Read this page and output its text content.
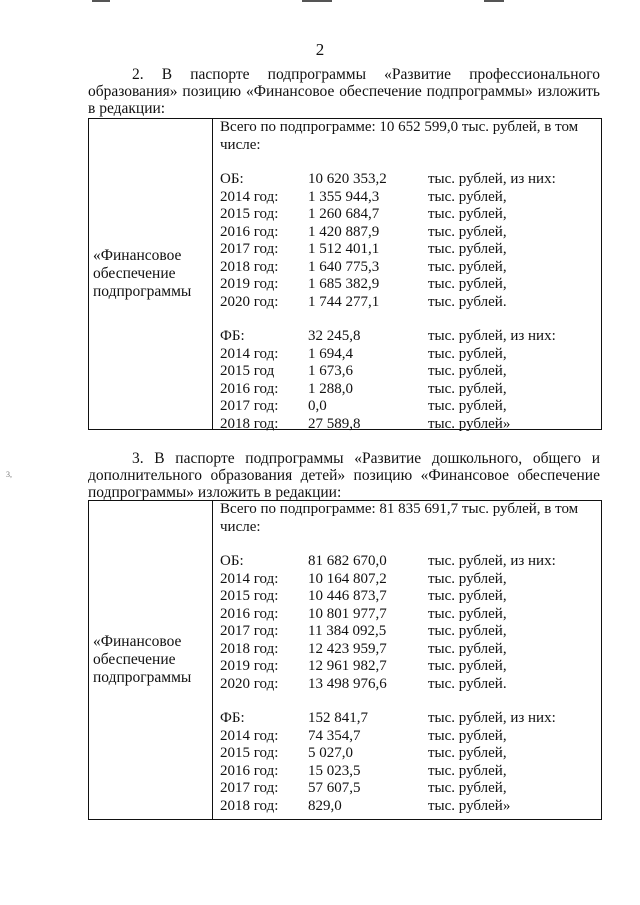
2
3,
2. В паспорте подпрограммы «Развитие профессионального образования» позицию «Финансовое обеспечение подпрограммы» изложить в редакции:
«Финансовое обеспечение подпрограммы
Всего по подпрограмме: 10 652 599,0 тыс. рублей, в том числе:
ОБ:	10 620 353,2	тыс. рублей, из них:
2014 год:	1 355 944,3	тыс. рублей,
2015 год:	1 260 684,7	тыс. рублей,
2016 год:	1 420 887,9	тыс. рублей,
2017 год:	1 512 401,1	тыс. рублей,
2018 год:	1 640 775,3	тыс. рублей,
2019 год:	1 685 382,9	тыс. рублей,
2020 год:	1 744 277,1	тыс. рублей.
ФБ:	32 245,8	тыс. рублей, из них:
2014 год:	1 694,4	тыс. рублей,
2015 год	1 673,6	тыс. рублей,
2016 год:	1 288,0	тыс. рублей,
2017 год:	0,0	тыс. рублей,
2018 год:	27 589,8	тыс. рублей»
3. В паспорте подпрограммы «Развитие дошкольного, общего и дополнительного образования детей» позицию «Финансовое обеспечение подпрограммы» изложить в редакции:
«Финансовое обеспечение подпрограммы
Всего по подпрограмме: 81 835 691,7 тыс. рублей, в том числе:
ОБ:	81 682 670,0	тыс. рублей, из них:
2014 год:	10 164 807,2	тыс. рублей,
2015 год:	10 446 873,7	тыс. рублей,
2016 год:	10 801 977,7	тыс. рублей,
2017 год:	11 384 092,5	тыс. рублей,
2018 год:	12 423 959,7	тыс. рублей,
2019 год:	12 961 982,7	тыс. рублей,
2020 год:	13 498 976,6	тыс. рублей.
ФБ:	152 841,7	тыс. рублей, из них:
2014 год:	74 354,7	тыс. рублей,
2015 год:	5 027,0	тыс. рублей,
2016 год:	15 023,5	тыс. рублей,
2017 год:	57 607,5	тыс. рублей,
2018 год:	829,0	тыс. рублей»
